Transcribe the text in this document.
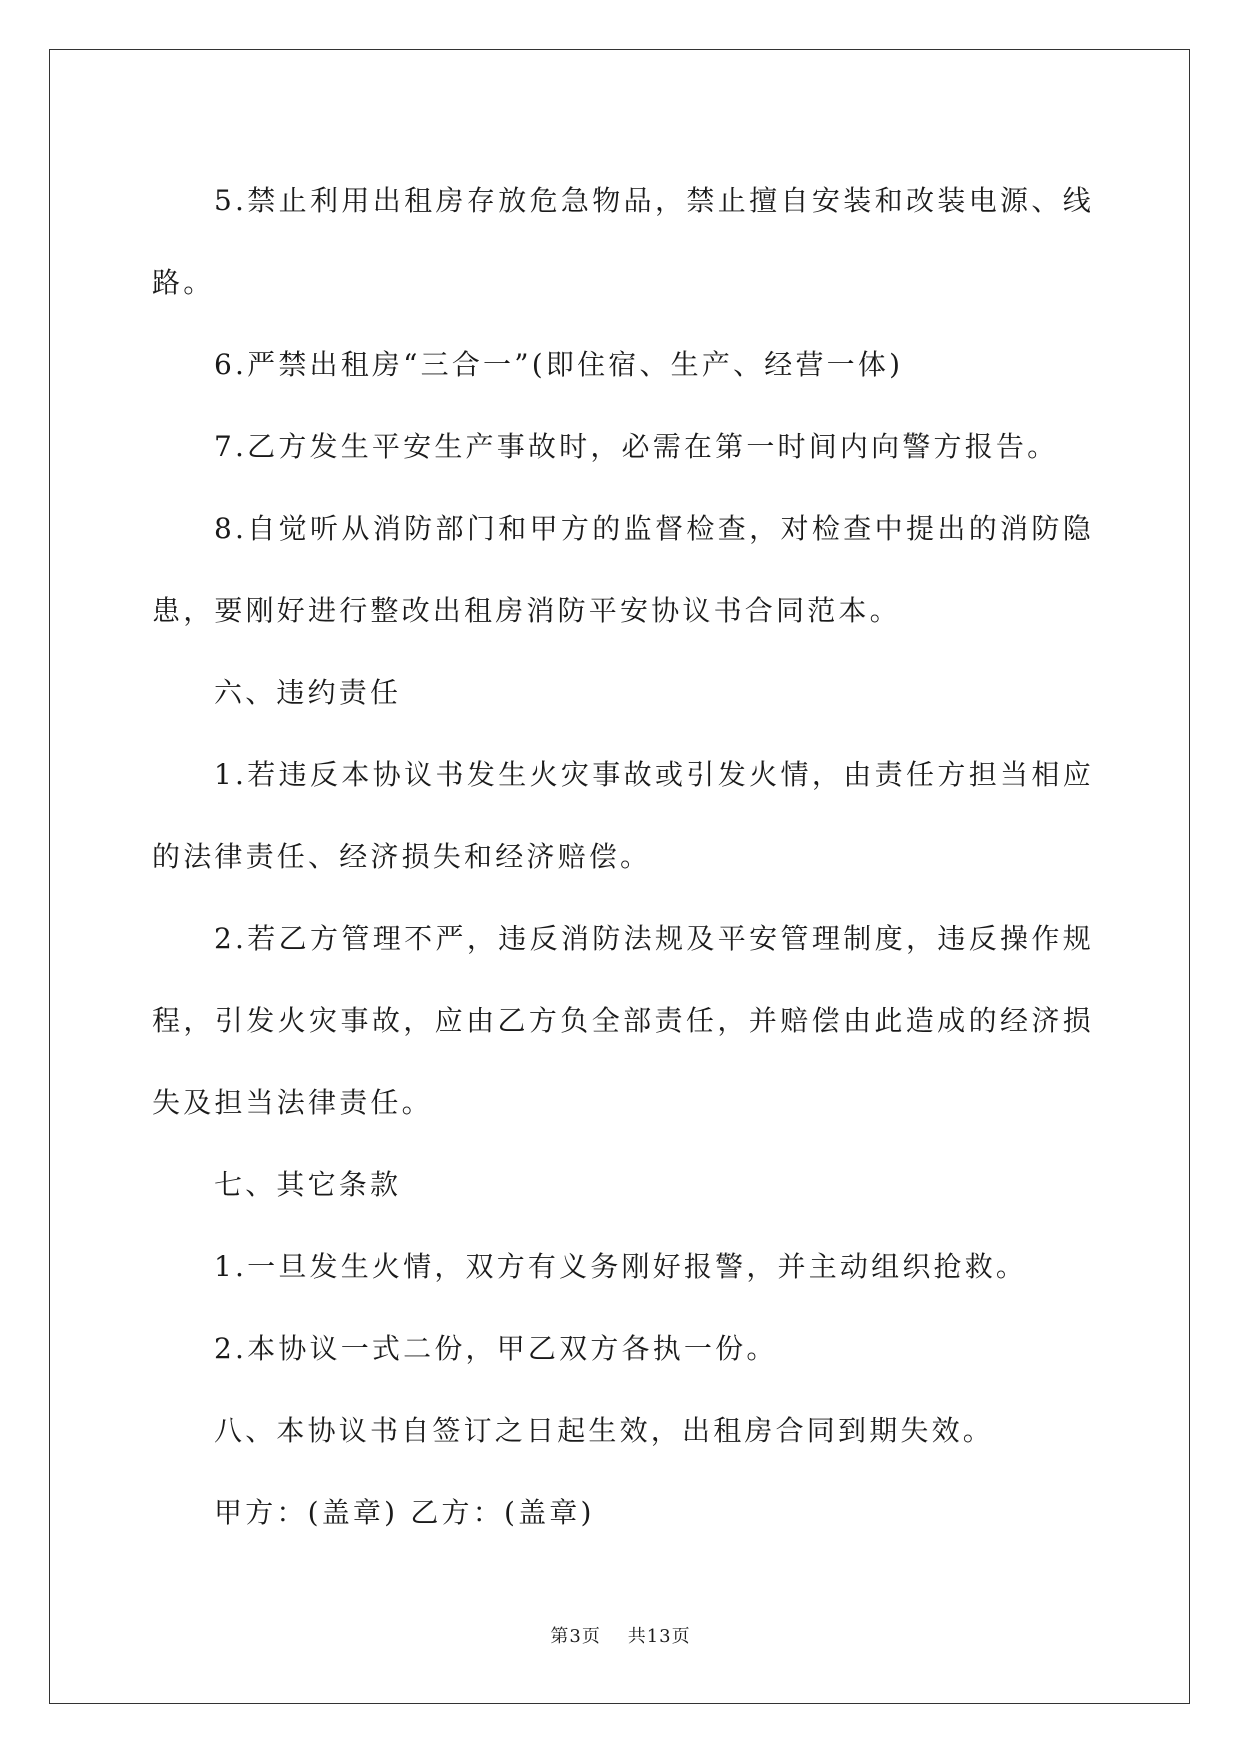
5.禁止利用出租房存放危急物品，禁止擅自安装和改装电源、线路。

6.严禁出租房“三合一”(即住宿、生产、经营一体)

7.乙方发生平安生产事故时，必需在第一时间内向警方报告。

8.自觉听从消防部门和甲方的监督检查，对检查中提出的消防隐患，要刚好进行整改出租房消防平安协议书合同范本。

六、违约责任

1.若违反本协议书发生火灾事故或引发火情，由责任方担当相应的法律责任、经济损失和经济赔偿。

2.若乙方管理不严，违反消防法规及平安管理制度，违反操作规程，引发火灾事故，应由乙方负全部责任，并赔偿由此造成的经济损失及担当法律责任。

七、其它条款

1.一旦发生火情，双方有义务刚好报警，并主动组织抢救。

2.本协议一式二份，甲乙双方各执一份。

八、本协议书自签订之日起生效，出租房合同到期失效。

甲方：(盖章) 乙方：(盖章)

第3页 共13页
